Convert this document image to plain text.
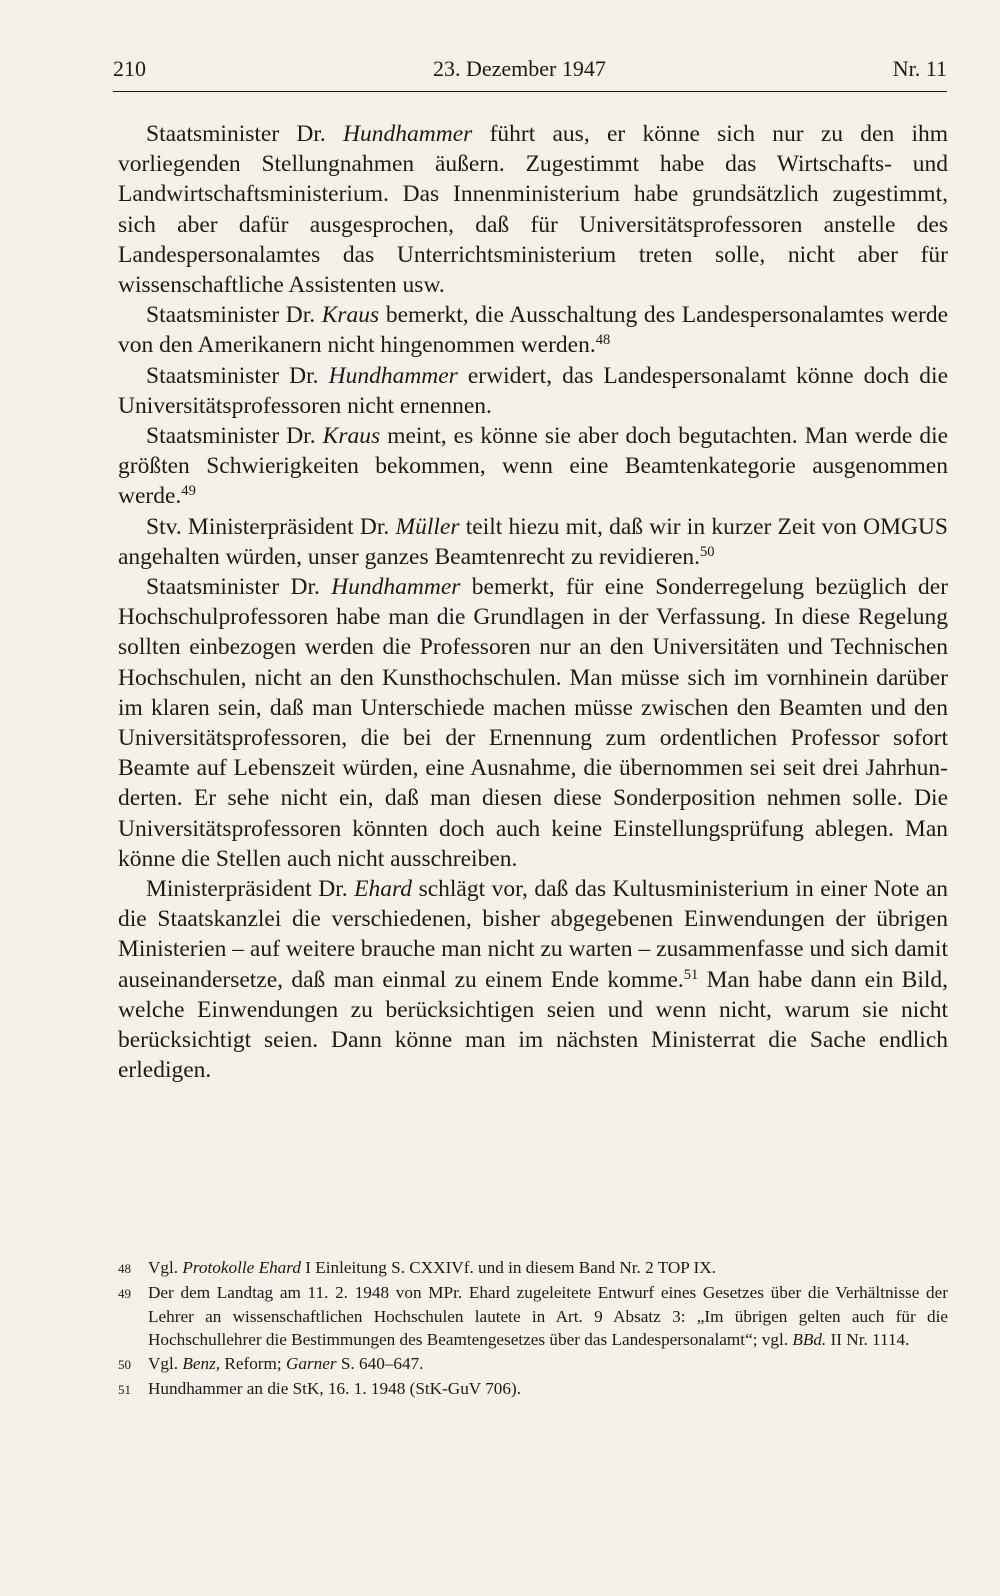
210	23. Dezember 1947	Nr. 11

Staatsminister Dr. Hundhammer führt aus, er könne sich nur zu den ihm vorliegenden Stellungnahmen äußern. Zugestimmt habe das Wirtschafts- und Landwirtschaftsministerium. Das Innenministerium habe grundsätzlich zugestimmt, sich aber dafür ausgesprochen, daß für Universitätsprofessoren anstelle des Landespersonalamtes das Unterrichtsministerium treten solle, nicht aber für wissenschaftliche Assistenten usw.

Staatsminister Dr. Kraus bemerkt, die Ausschaltung des Landespersonalamtes werde von den Amerikanern nicht hingenommen werden.$^{48}$

Staatsminister Dr. Hundhammer erwidert, das Landespersonalamt könne doch die Universitätsprofessoren nicht ernennen.

Staatsminister Dr. Kraus meint, es könne sie aber doch begutachten. Man werde die größten Schwierigkeiten bekommen, wenn eine Beamtenkategorie ausgenommen werde.$^{49}$

Stv. Ministerpräsident Dr. Müller teilt hiezu mit, daß wir in kurzer Zeit von OMGUS angehalten würden, unser ganzes Beamtenrecht zu revidieren.$^{50}$

Staatsminister Dr. Hundhammer bemerkt, für eine Sonderregelung bezüglich der Hochschulprofessoren habe man die Grundlagen in der Verfassung. In diese Regelung sollten einbezogen werden die Professoren nur an den Universitäten und Technischen Hochschulen, nicht an den Kunsthochschulen. Man müsse sich im vornhinein darüber im klaren sein, daß man Unterschiede machen müsse zwischen den Beamten und den Universitätsprofessoren, die bei der Ernennung zum ordentlichen Professor sofort Beamte auf Lebenszeit würden, eine Ausnahme, die übernommen sei seit drei Jahrhunderten. Er sehe nicht ein, daß man diesen diese Sonderposition nehmen solle. Die Universitätsprofessoren könnten doch auch keine Einstellungsprüfung ablegen. Man könne die Stellen auch nicht ausschreiben.

Ministerpräsident Dr. Ehard schlägt vor, daß das Kultusministerium in einer Note an die Staatskanzlei die verschiedenen, bisher abgegebenen Einwendungen der übrigen Ministerien – auf weitere brauche man nicht zu warten – zusammenfasse und sich damit auseinandersetze, daß man einmal zu einem Ende komme.$^{51}$ Man habe dann ein Bild, welche Einwendungen zu berücksichtigen seien und wenn nicht, warum sie nicht berücksichtigt seien. Dann könne man im nächsten Ministerrat die Sache endlich erledigen.

48 Vgl. Protokolle Ehard I Einleitung S. CXXIVf. und in diesem Band Nr. 2 TOP IX.
49 Der dem Landtag am 11. 2. 1948 von MPr. Ehard zugeleitete Entwurf eines Gesetzes über die Verhältnisse der Lehrer an wissenschaftlichen Hochschulen lautete in Art. 9 Absatz 3: „Im übrigen gelten auch für die Hochschullehrer die Bestimmungen des Beamtengesetzes über das Landespersonalamt“; vgl. BBd. II Nr. 1114.
50 Vgl. Benz, Reform; Garner S. 640–647.
51 Hundhammer an die StK, 16. 1. 1948 (StK-GuV 706).
